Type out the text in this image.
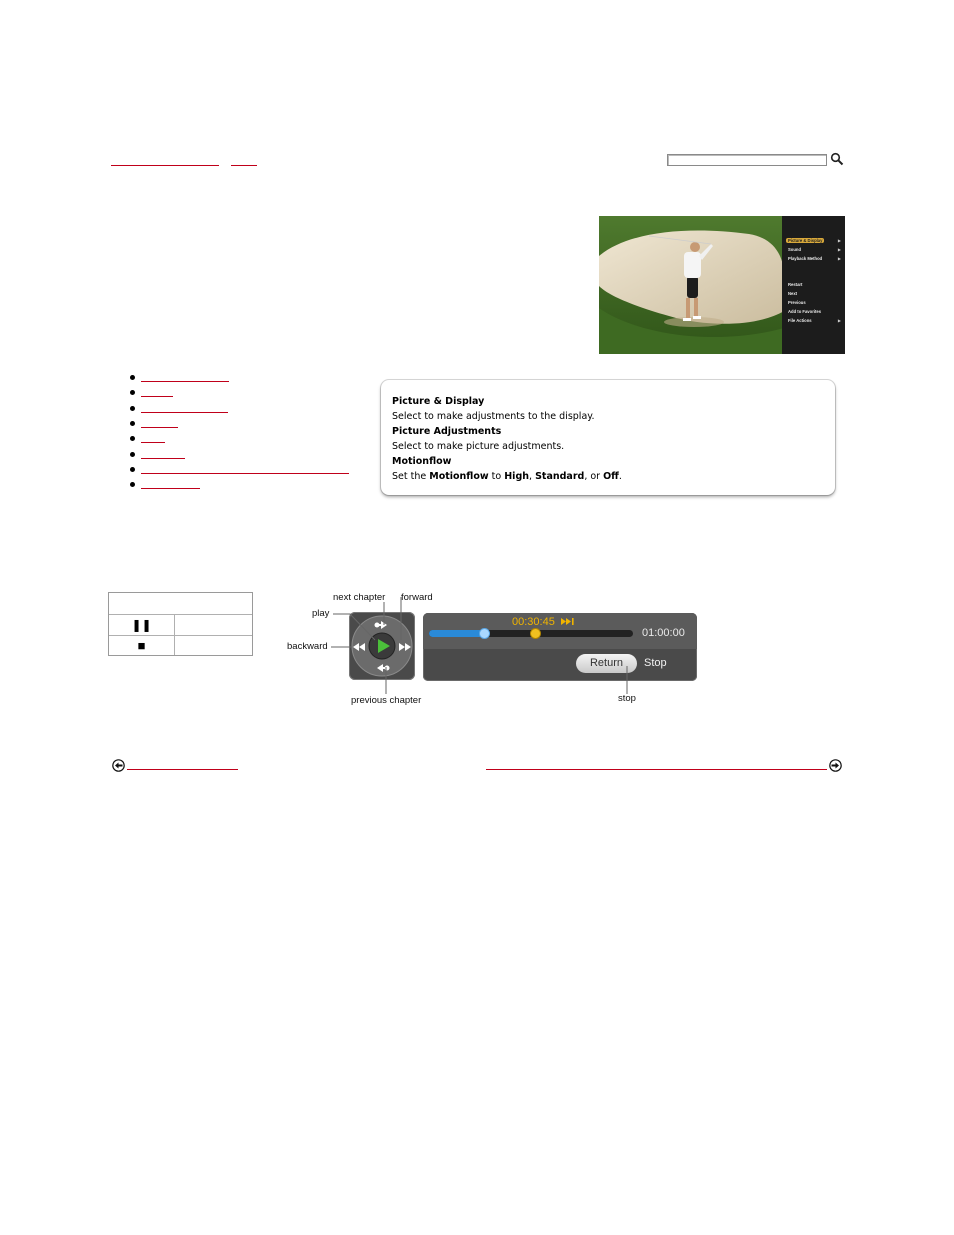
Picture & Display	▶
Sound	▶
Playback Method	▶
Restart
Next
Previous
Add to Favorites
File Actions	▶

Picture & Display

Select to make adjustments to the display.

Picture Adjustments

Select to make picture adjustments.

Motionflow

Set the Motionflow to High, Standard, or Off.

❚❚
■
00:30:45
01:00:00
Return	Stop
play
next chapter forward
backward
previous chapter	stop
